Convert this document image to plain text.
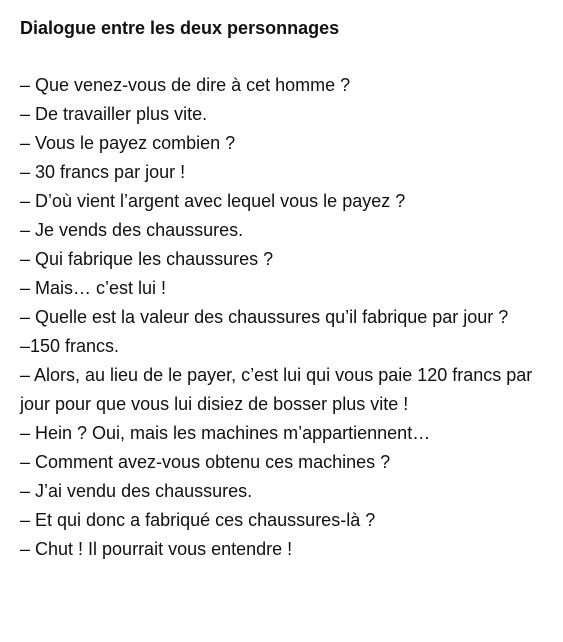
Dialogue entre les deux personnages

– Que venez-vous de dire à cet homme ?

– De travailler plus vite.

– Vous le payez combien ?

– 30 francs par jour !

– D’où vient l’argent avec lequel vous le payez ?

– Je vends des chaussures.

– Qui fabrique les chaussures ?

– Mais… c’est lui !

– Quelle est la valeur des chaussures qu’il fabrique par jour ?

–150 francs.

– Alors, au lieu de le payer, c’est lui qui vous paie 120 francs par jour pour que vous lui disiez de bosser plus vite !

– Hein ? Oui, mais les machines m’appartiennent…

– Comment avez-vous obtenu ces machines ?

– J’ai vendu des chaussures.

– Et qui donc a fabriqué ces chaussures-là ?

– Chut ! Il pourrait vous entendre !
